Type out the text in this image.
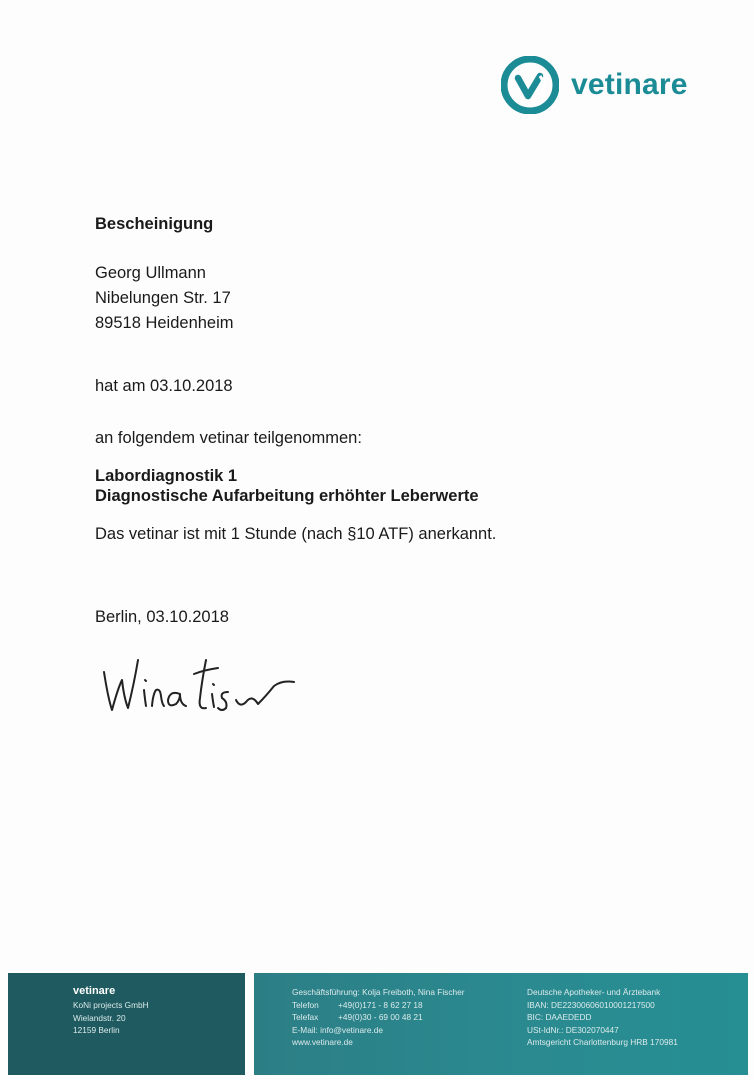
vetinare
Bescheinigung
Georg Ullmann
Nibelungen Str. 17
89518 Heidenheim
hat am 03.10.2018
an folgendem vetinar teilgenommen:
Labordiagnostik 1
Diagnostische Aufarbeitung erhöhter Leberwerte
Das vetinar ist mit 1 Stunde (nach §10 ATF) anerkannt.
Berlin, 03.10.2018
vetinare
KoNi projects GmbH
Wielandstr. 20
12159 Berlin
Geschäftsführung: Kolja Freiboth, Nina Fischer
Telefon	+49(0)171 - 8 62 27 18
Telefax	+49(0)30 - 69 00 48 21
E-Mail: info@vetinare.de
www.vetinare.de
Deutsche Apotheker- und Ärztebank
IBAN: DE22300606010001217500
BIC: DAAEDEDD
USt-IdNr.: DE302070447
Amtsgericht Charlottenburg HRB 170981
